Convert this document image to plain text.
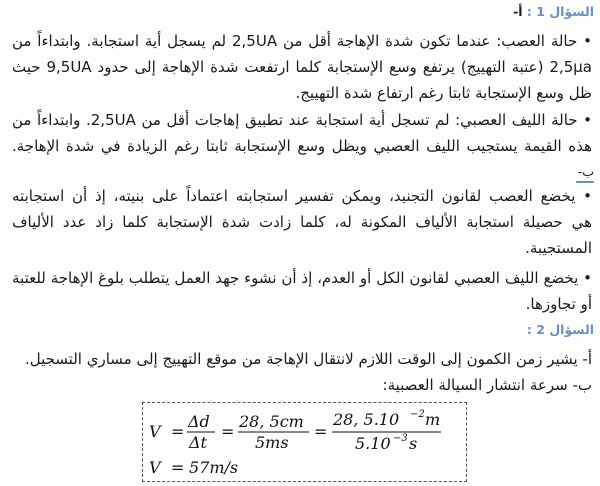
السؤال 1 : أ-
• حالة العصب: عندما تكون شدة الإهاجة أقل من 2,5UA لم يسجل أية استجابة. وابتداءاً من
2,5μa (عتبة التهييج) يرتفع وسع الإستجابة كلما ارتفعت شدة الإهاجة إلى حدود 9,5UA حيث
ظل وسع الإستجابة ثابتا رغم ارتفاع شدة التهييج.
• حالة الليف العصبي: لم تسجل أية استجابة عند تطبيق إهاجات أقل من 2,5UA. وابتداءاً من
هذه القيمة يستجيب الليف العصبي ويظل وسع الإستجابة ثابتا رغم الزيادة في شدة الإهاجة.
ب-
• يخضع العصب لقانون التجنيد، ويمكن تفسير استجابته اعتماداً على بنيته، إذ أن استجابته
هي حصيلة استجابة الألياف المكونة له، كلما زادت شدة الإستجابة كلما زاد عدد الألياف
المستجيبة.
• يخضع الليف العصبي لقانون الكل أو العدم، إذ أن نشوء جهد العمل يتطلب بلوغ الإهاجة للعتبة
أو تجاوزها.
السؤال 2 :
أ- يشير زمن الكمون إلى الوقت اللازم لانتقال الإهاجة من موقع التهييج إلى مساري التسجيل.
ب- سرعة انتشار السيالة العصبية:
V =
Δd
Δt
=
28, 5cm
5ms
=
28, 5.10 −2 m
5.10 −3 s
V = 57m/s
